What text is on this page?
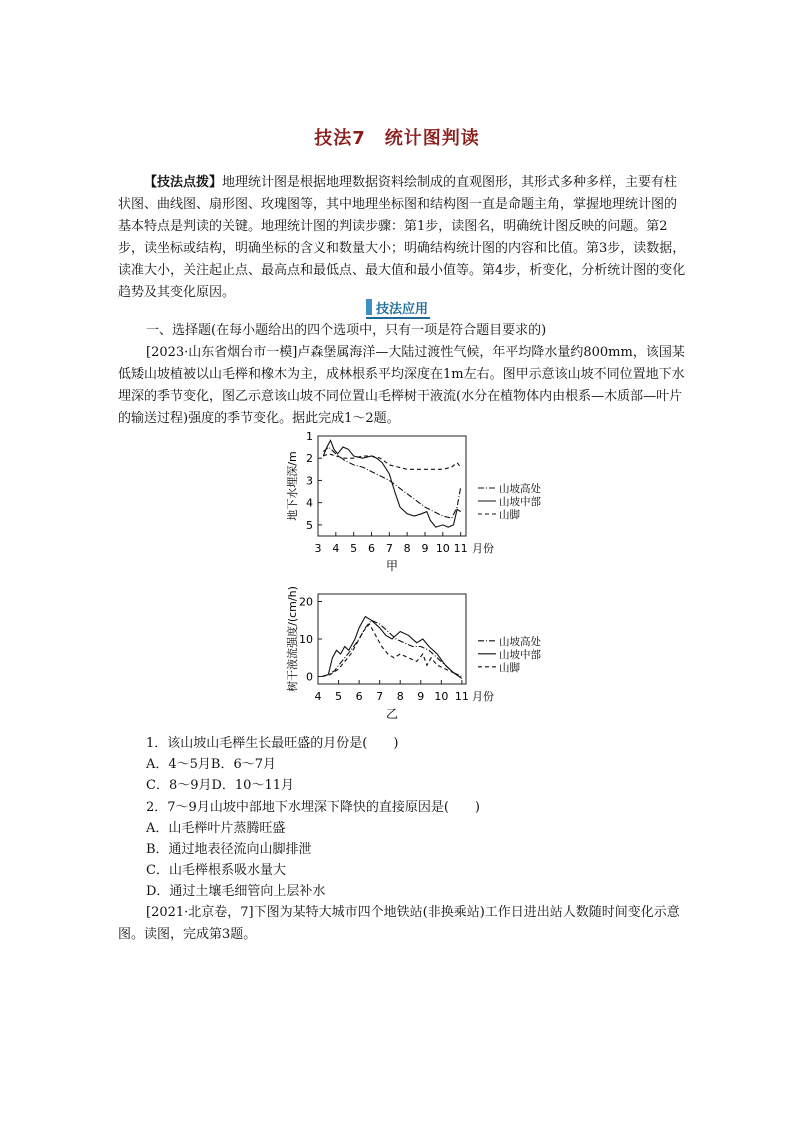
技法7　统计图判读
【技法点拨】地理统计图是根据地理数据资料绘制成的直观图形，其形式多种多样，主要有柱状图、曲线图、扇形图、玫瑰图等，其中地理坐标图和结构图一直是命题主角，掌握地理统计图的基本特点是判读的关键。地理统计图的判读步骤：第1步，读图名，明确统计图反映的问题。第2步，读坐标或结构，明确坐标的含义和数量大小；明确结构统计图的内容和比值。第3步，读数据，读准大小，关注起止点、最高点和最低点、最大值和最小值等。第4步，析变化，分析统计图的变化趋势及其变化原因。
技法应用
一、选择题(在每小题给出的四个选项中，只有一项是符合题目要求的)
[2023·山东省烟台市一模]卢森堡属海洋—大陆过渡性气候，年平均降水量约800mm，该国某低矮山坡植被以山毛榉和橡木为主，成林根系平均深度在1m左右。图甲示意该山坡不同位置地下水埋深的季节变化，图乙示意该山坡不同位置山毛榉树干液流(水分在植物体内由根系—木质部—叶片的输送过程)强度的季节变化。据此完成1～2题。
1
2
3
4
5
3 4 5 6 7 8 9 10 11 月份
地下水埋深/m
甲
山坡高处
山坡中部
山脚
0
10
20
4 5 6 7 8 9 10 11 月份
树干液流强度/(cm/h)
乙
山坡高处
山坡中部
山脚
1．该山坡山毛榉生长最旺盛的月份是(　　)
A．4～5月B．6～7月
C．8～9月D．10～11月
2．7～9月山坡中部地下水埋深下降快的直接原因是(　　)
A．山毛榉叶片蒸腾旺盛
B．通过地表径流向山脚排泄
C．山毛榉根系吸水量大
D．通过土壤毛细管向上层补水
[2021·北京卷，7]下图为某特大城市四个地铁站(非换乘站)工作日进出站人数随时间变化示意图。读图，完成第3题。
